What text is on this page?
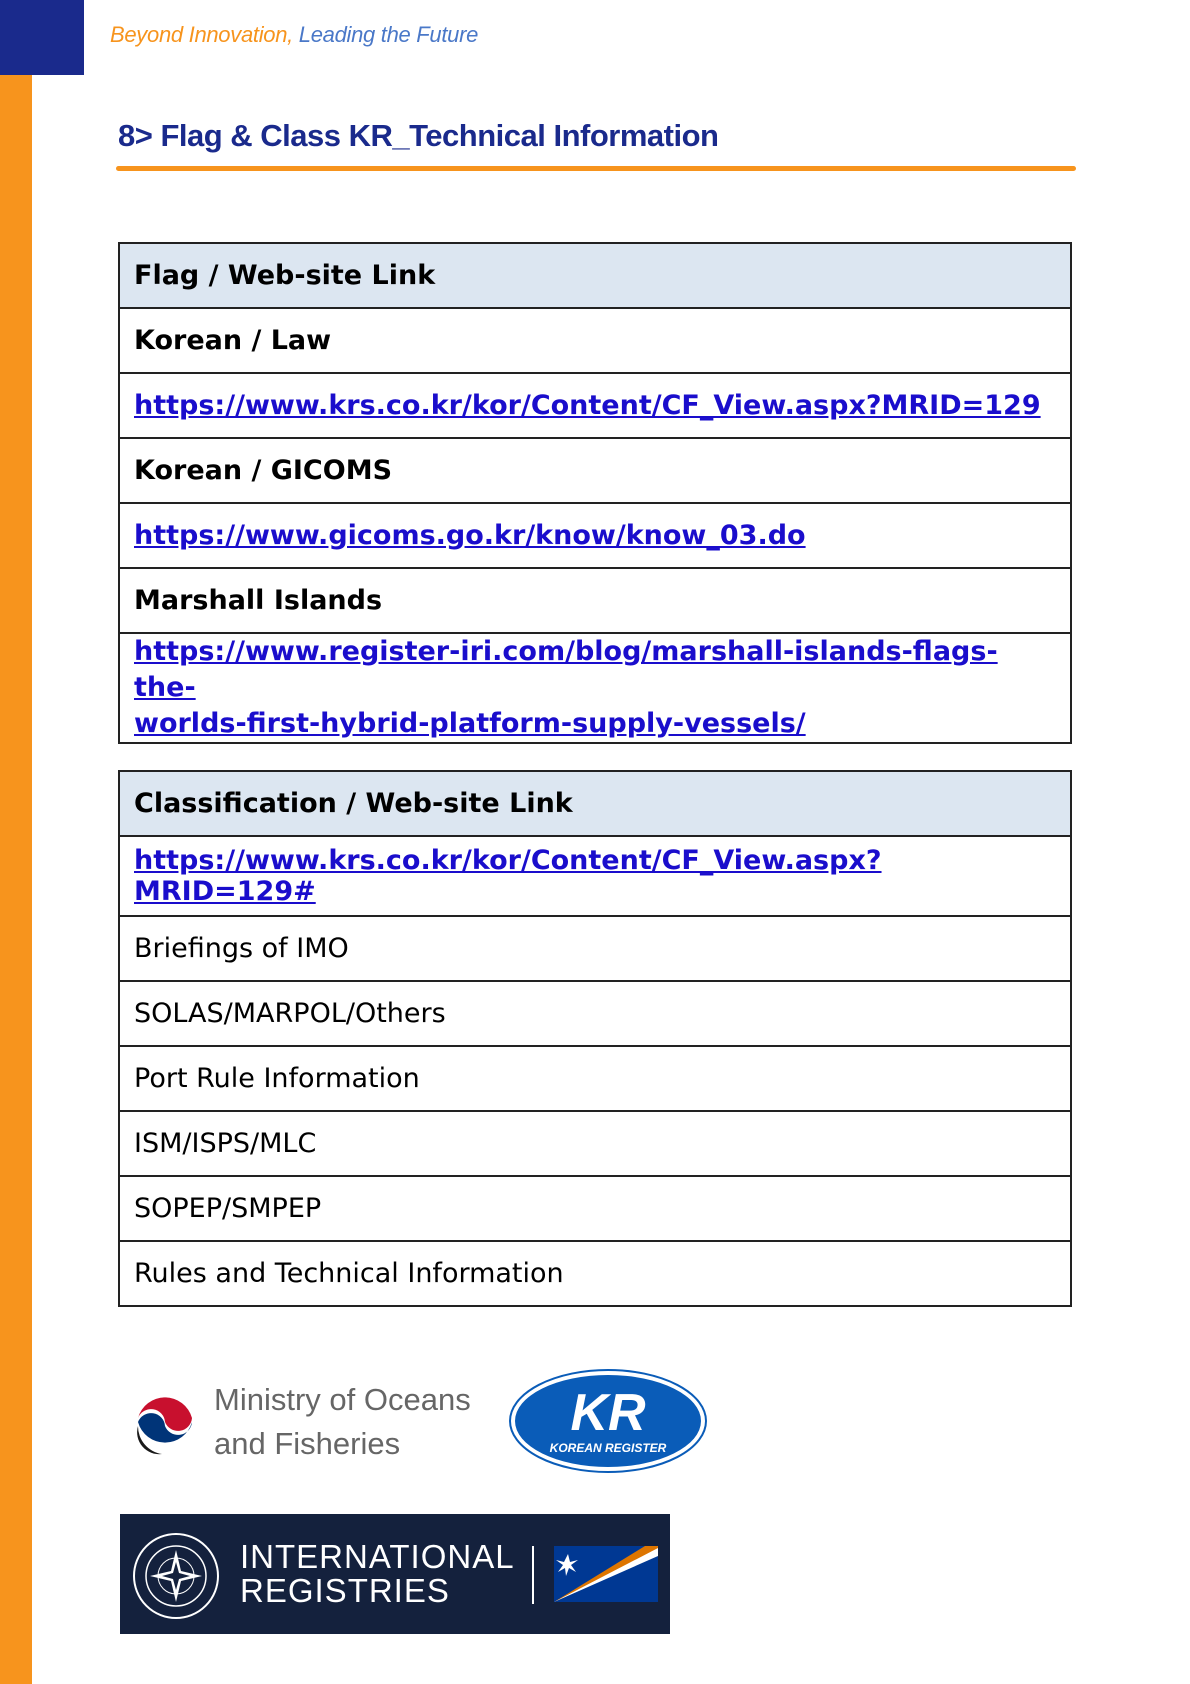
Beyond Innovation, Leading the Future
8> Flag & Class KR_Technical Information
Flag / Web-site Link
Korean / Law
https://www.krs.co.kr/kor/Content/CF_View.aspx?MRID=129
Korean / GICOMS
https://www.gicoms.go.kr/know/know_03.do
Marshall Islands
https://www.register-iri.com/blog/marshall-islands-flags-the-
worlds-first-hybrid-platform-supply-vessels/
Classification / Web-site Link
https://www.krs.co.kr/kor/Content/CF_View.aspx?MRID=129#
Briefings of IMO
SOLAS/MARPOL/Others
Port Rule Information
ISM/ISPS/MLC
SOPEP/SMPEP
Rules and Technical Information
Ministry of Oceans
and Fisheries
KR
KOREAN REGISTER
INTERNATIONAL
REGISTRIES
